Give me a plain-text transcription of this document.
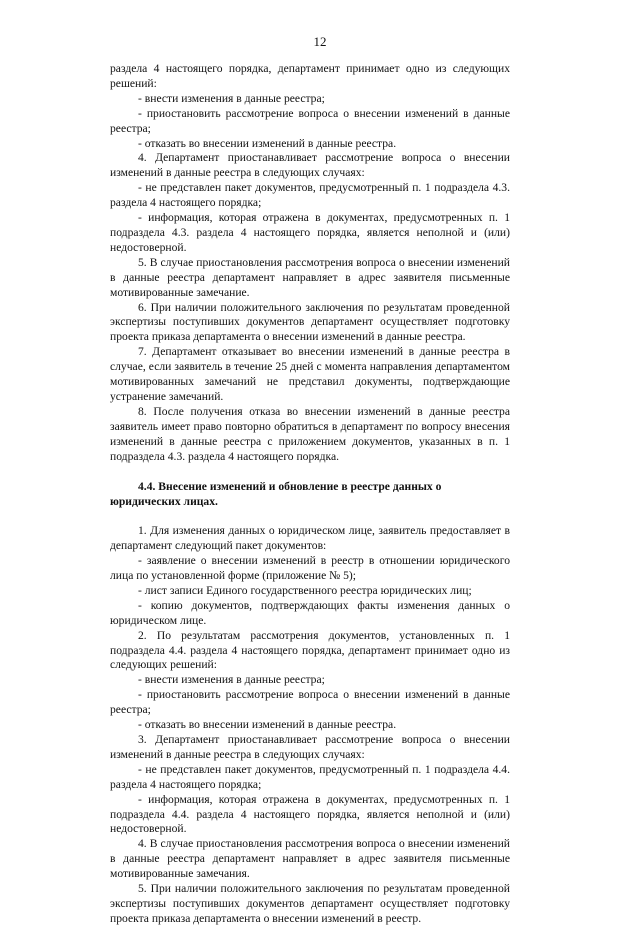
12

раздела 4 настоящего порядка, департамент принимает одно из следующих решений:

- внести изменения в данные реестра;

- приостановить рассмотрение вопроса о внесении изменений в данные реестра;

- отказать во внесении изменений в данные реестра.

4. Департамент приостанавливает рассмотрение вопроса о внесении изменений в данные реестра в следующих случаях:

- не представлен пакет документов, предусмотренный п. 1 подраздела 4.3. раздела 4 настоящего порядка;

- информация, которая отражена в документах, предусмотренных п. 1 подраздела 4.3. раздела 4 настоящего порядка, является неполной и (или) недостоверной.

5. В случае приостановления рассмотрения вопроса о внесении изменений в данные реестра департамент направляет в адрес заявителя письменные мотивированные замечание.

6. При наличии положительного заключения по результатам проведенной экспертизы поступивших документов департамент осуществляет подготовку проекта приказа департамента о внесении изменений в данные реестра.

7. Департамент отказывает во внесении изменений в данные реестра в случае, если заявитель в течение 25 дней с момента направления департаментом мотивированных замечаний не представил документы, подтверждающие устранение замечаний.

8. После получения отказа во внесении изменений в данные реестра заявитель имеет право повторно обратиться в департамент по вопросу внесения изменений в данные реестра с приложением документов, указанных в п. 1 подраздела 4.3. раздела 4 настоящего порядка.

4.4. Внесение изменений и обновление в реестре данных о юридических лицах.

1. Для изменения данных о юридическом лице, заявитель предоставляет в департамент следующий пакет документов:

- заявление о внесении изменений в реестр в отношении юридического лица по установленной форме (приложение № 5);

- лист записи Единого государственного реестра юридических лиц;

- копию документов, подтверждающих факты изменения данных о юридическом лице.

2. По результатам рассмотрения документов, установленных п. 1 подраздела 4.4. раздела 4 настоящего порядка, департамент принимает одно из следующих решений:

- внести изменения в данные реестра;

- приостановить рассмотрение вопроса о внесении изменений в данные реестра;

- отказать во внесении изменений в данные реестра.

3. Департамент приостанавливает рассмотрение вопроса о внесении изменений в данные реестра в следующих случаях:

- не представлен пакет документов, предусмотренный п. 1 подраздела 4.4. раздела 4 настоящего порядка;

- информация, которая отражена в документах, предусмотренных п. 1 подраздела 4.4. раздела 4 настоящего порядка, является неполной и (или) недостоверной.

4. В случае приостановления рассмотрения вопроса о внесении изменений в данные реестра департамент направляет в адрес заявителя письменные мотивированные замечания.

5. При наличии положительного заключения по результатам проведенной экспертизы поступивших документов департамент осуществляет подготовку проекта приказа департамента о внесении изменений в реестр.
